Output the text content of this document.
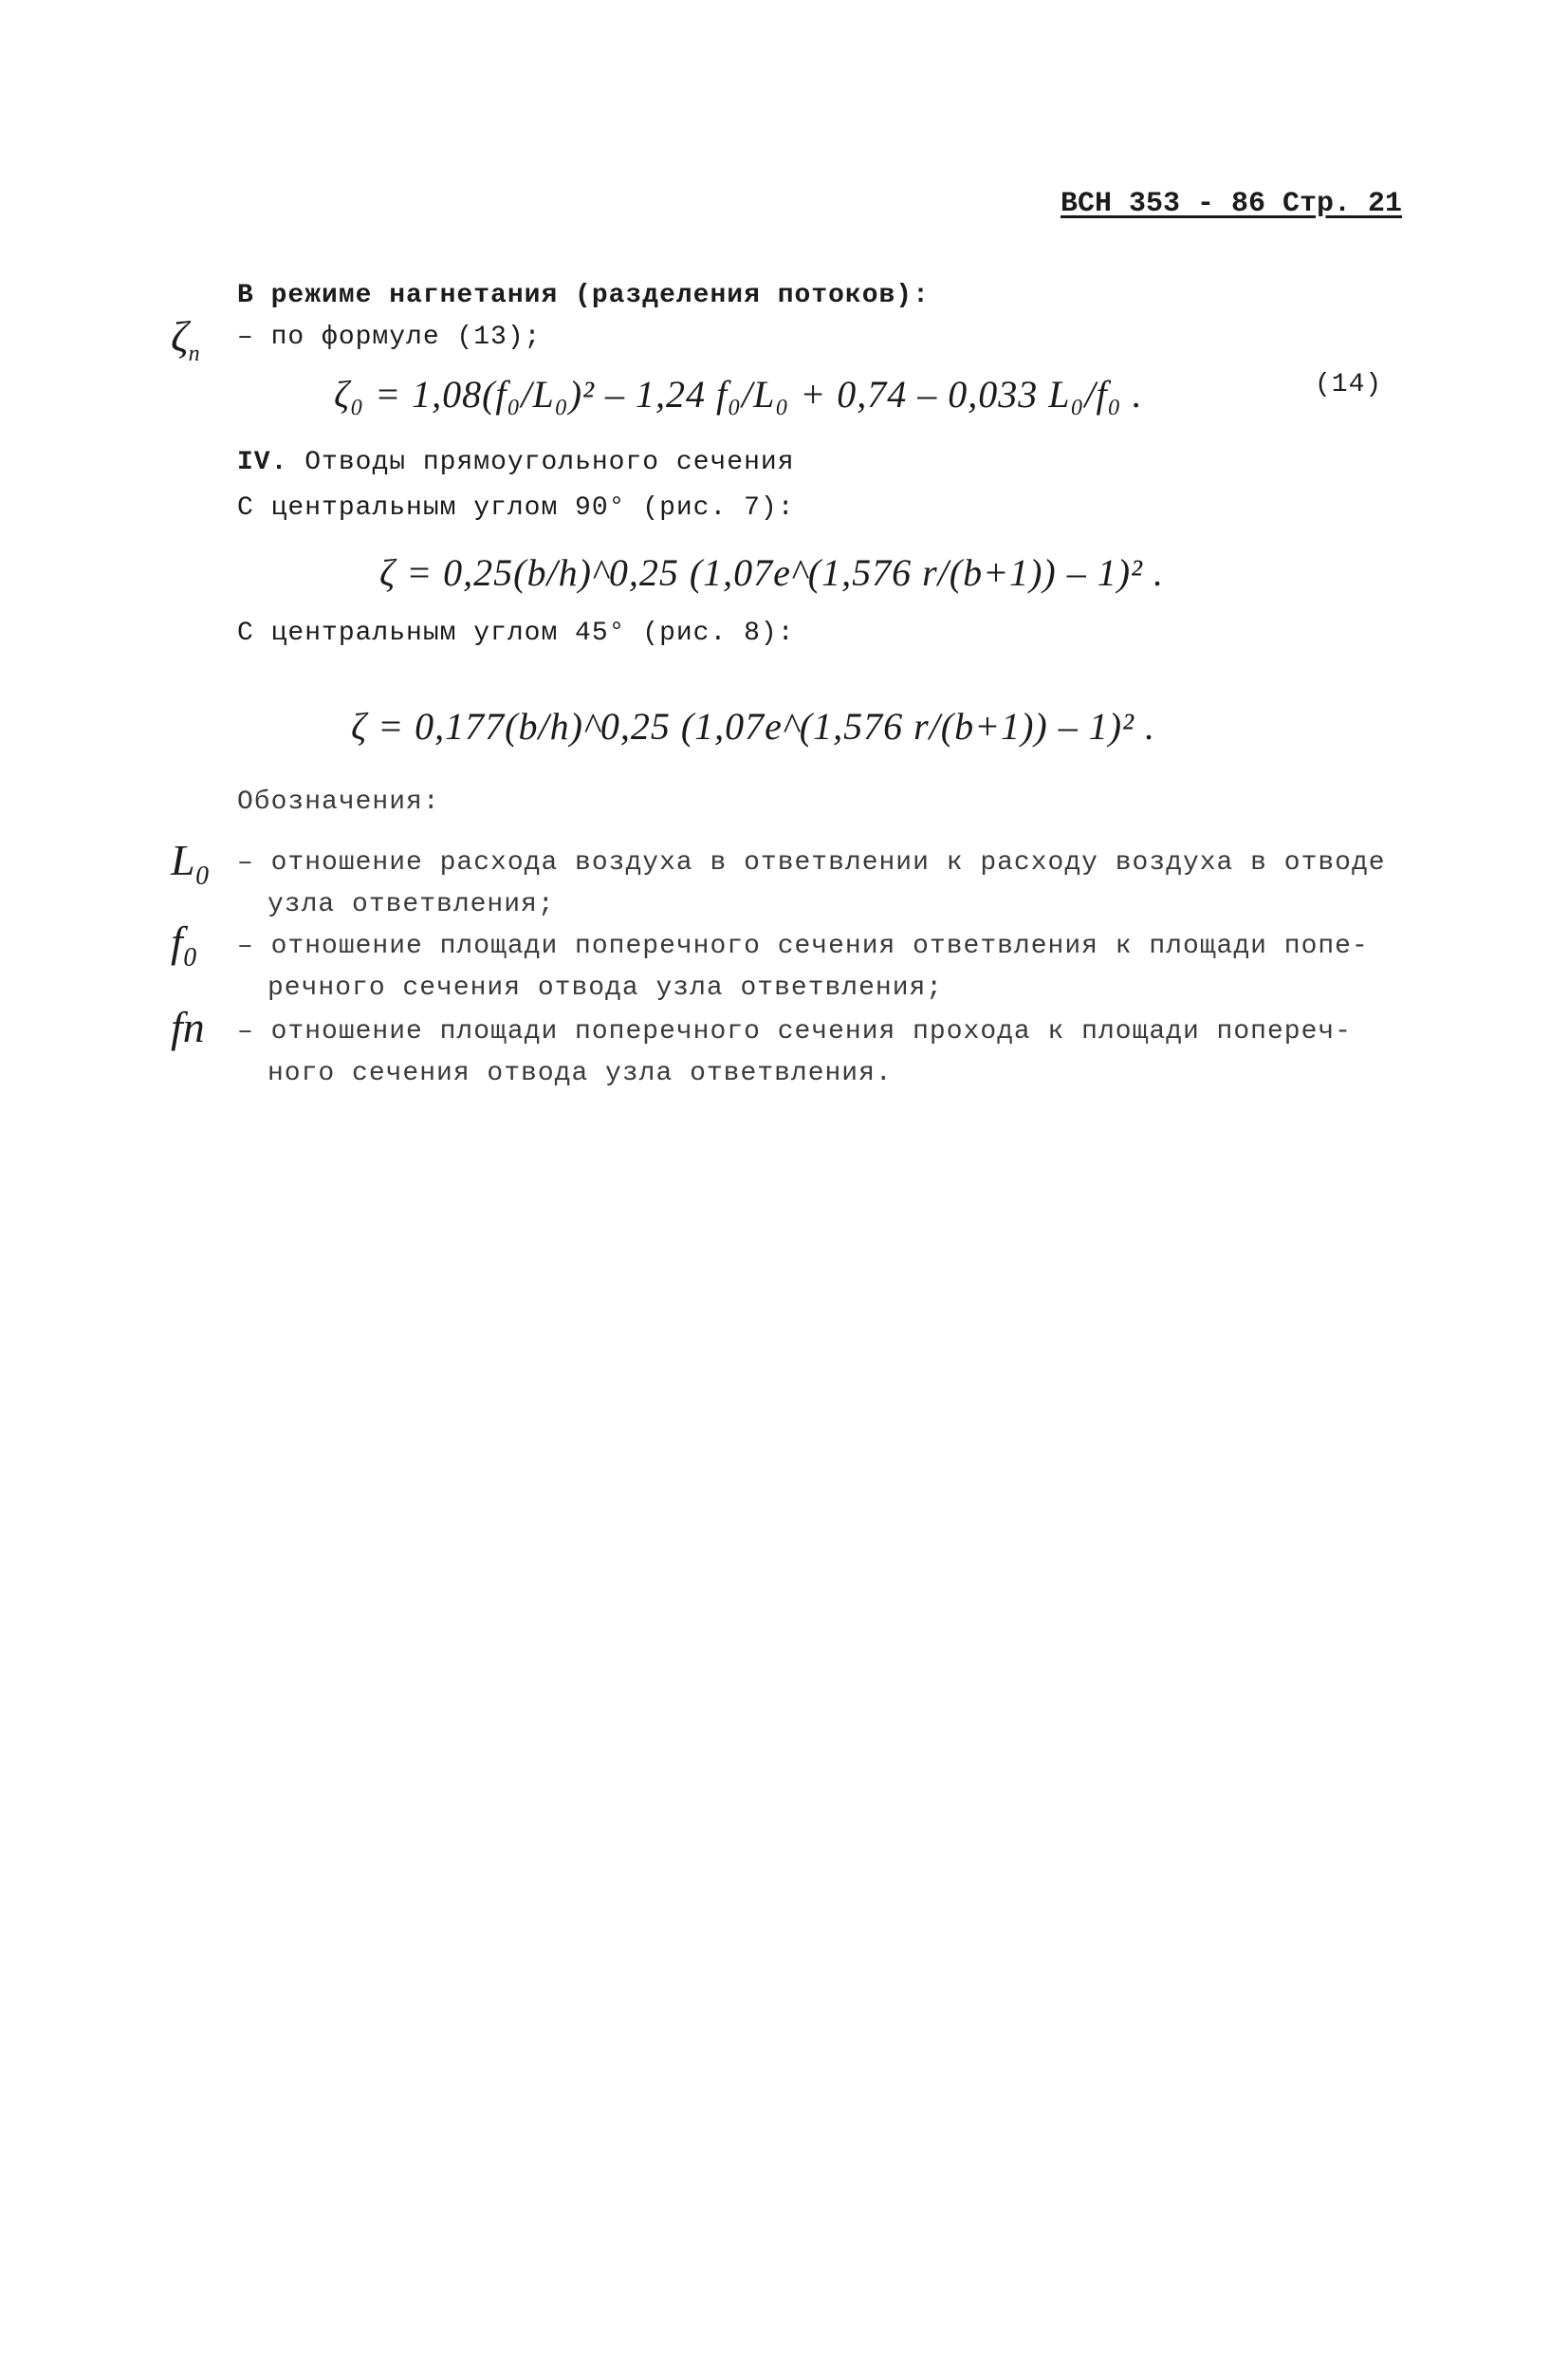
ВСН 353 - 86 Стр. 21
В режиме нагнетания (разделения потоков):
$\zeta_п$
– по формуле (13);
ζ₀ = 1,08(f₀/L₀)² – 1,24 f₀/L₀ + 0,74 – 0,033 L₀/f₀ .	(14)
IV. Отводы прямоугольного сечения
С центральным углом 90° (рис. 7):
ζ = 0,25(b/h)^0,25 (1,07e^(1,576 r/(b+1)) – 1)² .
С центральным углом 45° (рис. 8):
ζ = 0,177(b/h)^0,25 (1,07e^(1,576 r/(b+1)) – 1)² .
Обозначения:
L₀ – отношение расхода воздуха в ответвлении к расходу воздуха в отводе
узла ответвления;
f₀ – отношение площади поперечного сечения ответвления к площади попе-
речного сечения отвода узла ответвления;
fп – отношение площади поперечного сечения прохода к площади попереч-
ного сечения отвода узла ответвления.
